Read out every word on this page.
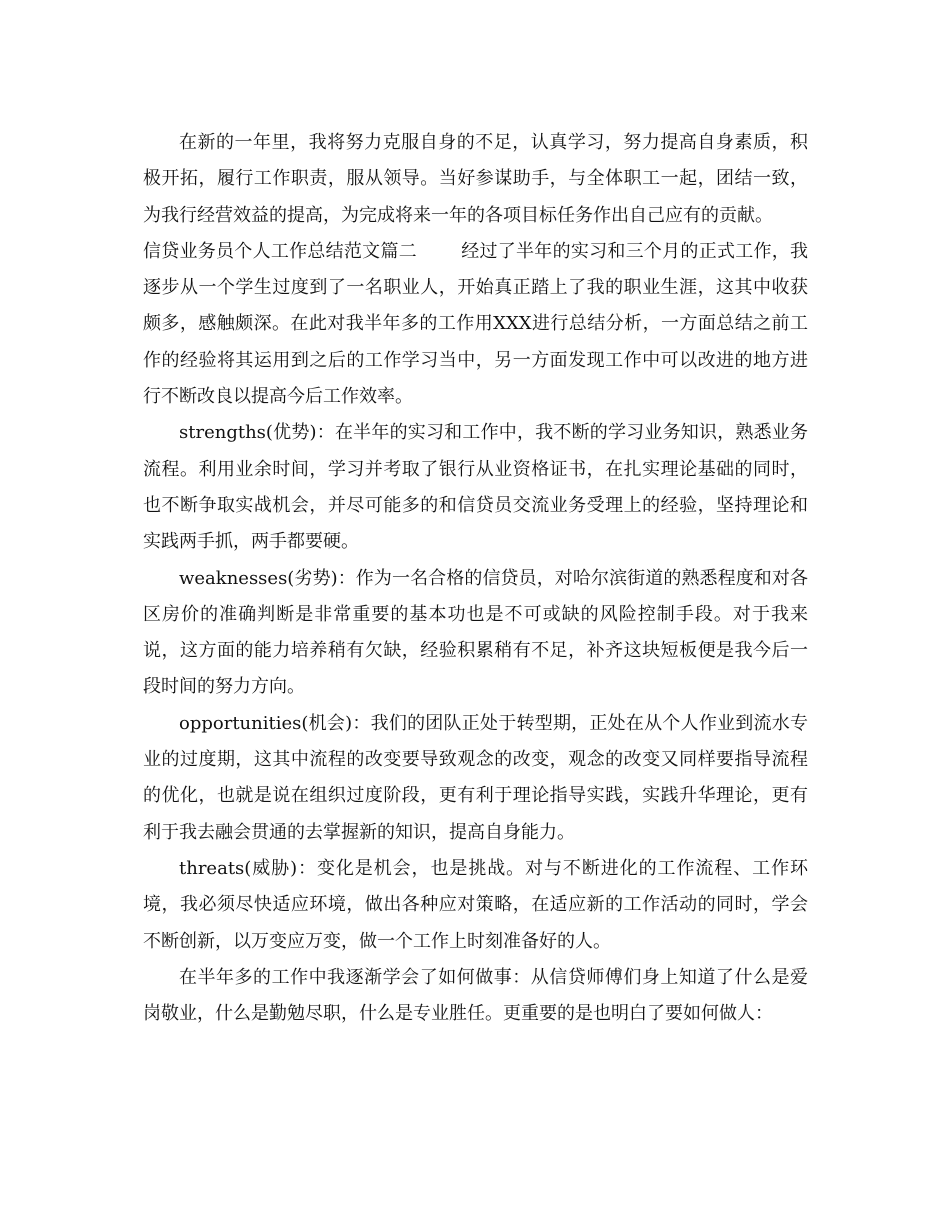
在新的一年里，我将努力克服自身的不足，认真学习，努力提高自身素质，积极开拓，履行工作职责，服从领导。当好参谋助手，与全体职工一起，团结一致，为我行经营效益的提高，为完成将来一年的各项目标任务作出自己应有的贡献。

信贷业务员个人工作总结范文篇二 经过了半年的实习和三个月的正式工作，我逐步从一个学生过度到了一名职业人，开始真正踏上了我的职业生涯，这其中收获颇多，感触颇深。在此对我半年多的工作用XXX进行总结分析，一方面总结之前工作的经验将其运用到之后的工作学习当中，另一方面发现工作中可以改进的地方进行不断改良以提高今后工作效率。

strengths(优势)：在半年的实习和工作中，我不断的学习业务知识，熟悉业务流程。利用业余时间，学习并考取了银行从业资格证书，在扎实理论基础的同时，也不断争取实战机会，并尽可能多的和信贷员交流业务受理上的经验，坚持理论和实践两手抓，两手都要硬。

weaknesses(劣势)：作为一名合格的信贷员，对哈尔滨街道的熟悉程度和对各区房价的准确判断是非常重要的基本功也是不可或缺的风险控制手段。对于我来说，这方面的能力培养稍有欠缺，经验积累稍有不足，补齐这块短板便是我今后一段时间的努力方向。

opportunities(机会)：我们的团队正处于转型期，正处在从个人作业到流水专业的过度期，这其中流程的改变要导致观念的改变，观念的改变又同样要指导流程的优化，也就是说在组织过度阶段，更有利于理论指导实践，实践升华理论，更有利于我去融会贯通的去掌握新的知识，提高自身能力。

threats(威胁)：变化是机会，也是挑战。对与不断进化的工作流程、工作环境，我必须尽快适应环境，做出各种应对策略，在适应新的工作活动的同时，学会不断创新，以万变应万变，做一个工作上时刻准备好的人。

在半年多的工作中我逐渐学会了如何做事：从信贷师傅们身上知道了什么是爱岗敬业，什么是勤勉尽职，什么是专业胜任。更重要的是也明白了要如何做人：
